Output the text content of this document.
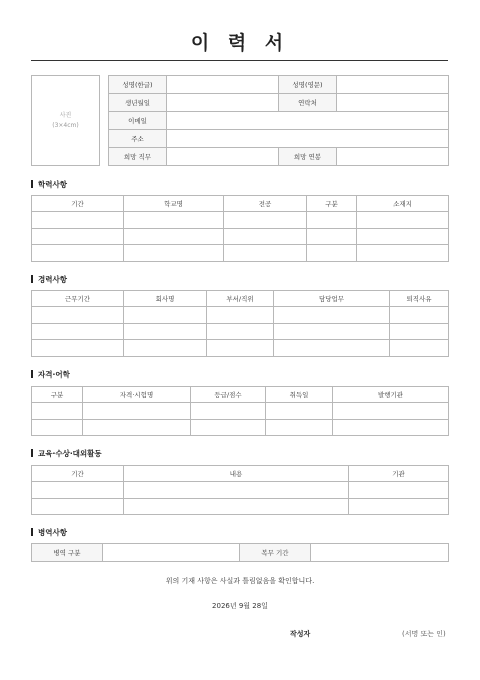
이 력 서
사진
(3×4cm)
성명(한글)		성명(영문)	
생년월일		연락처	
이메일			
주소			
희망 직무		희망 연봉	
학력사항
기간	학교명	전공	구분	소재지

경력사항
근무기간	회사명	부서/직위	담당업무	퇴직사유

자격·어학
구분	자격·시험명	등급/점수	취득일	발행기관

교육·수상·대외활동
기간	내용	기관

병역사항
병역 구분		복무 기간	
위의 기재 사항은 사실과 틀림없음을 확인합니다.
2026년 9월 28일
작성자	(서명 또는 인)
